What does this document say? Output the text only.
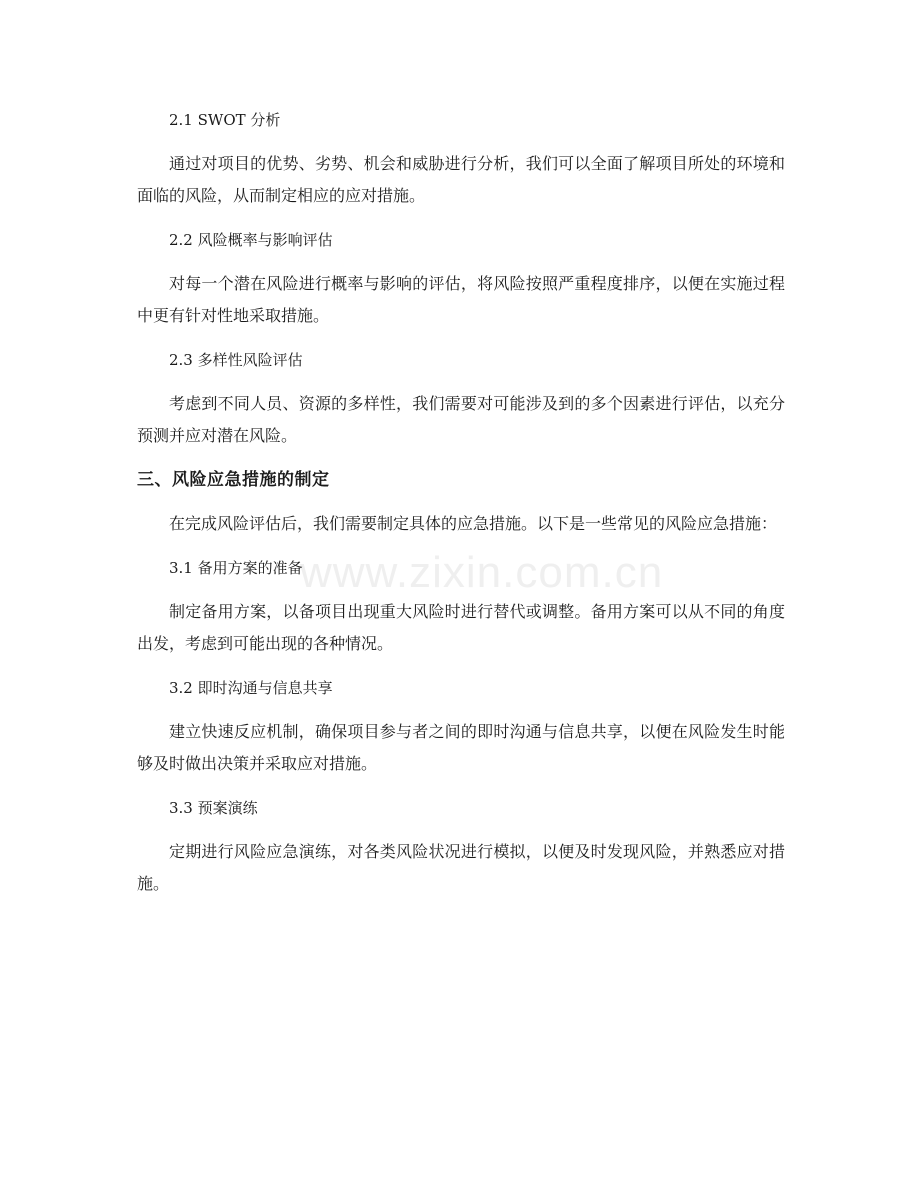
www.zixin.com.cn

2.1 SWOT 分析

通过对项目的优势、劣势、机会和威胁进行分析，我们可以全面了解项目所处的环境和面临的风险，从而制定相应的应对措施。

2.2 风险概率与影响评估

对每一个潜在风险进行概率与影响的评估，将风险按照严重程度排序，以便在实施过程中更有针对性地采取措施。

2.3 多样性风险评估

考虑到不同人员、资源的多样性，我们需要对可能涉及到的多个因素进行评估，以充分预测并应对潜在风险。

三、风险应急措施的制定

在完成风险评估后，我们需要制定具体的应急措施。以下是一些常见的风险应急措施：

3.1 备用方案的准备

制定备用方案，以备项目出现重大风险时进行替代或调整。备用方案可以从不同的角度出发，考虑到可能出现的各种情况。

3.2 即时沟通与信息共享

建立快速反应机制，确保项目参与者之间的即时沟通与信息共享，以便在风险发生时能够及时做出决策并采取应对措施。

3.3 预案演练

定期进行风险应急演练，对各类风险状况进行模拟，以便及时发现风险，并熟悉应对措施。
